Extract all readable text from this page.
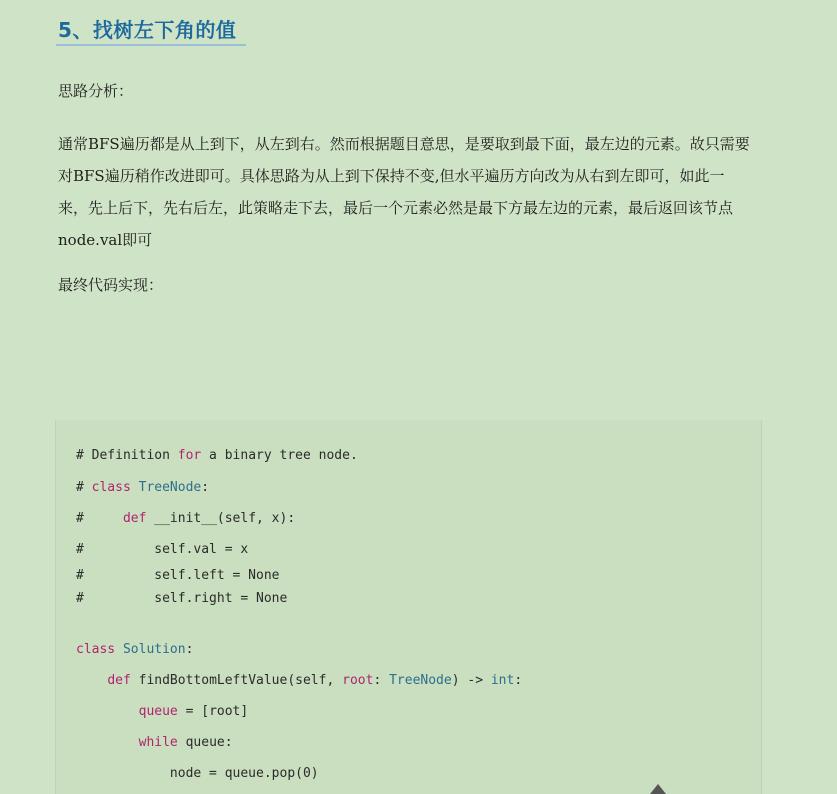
5、找树左下角的值
思路分析：
通常BFS遍历都是从上到下，从左到右。然而根据题目意思，是要取到最下面，最左边的元素。故只需要
对BFS遍历稍作改进即可。具体思路为从上到下保持不变,但水平遍历方向改为从右到左即可，如此一
来，先上后下，先右后左，此策略走下去，最后一个元素必然是最下方最左边的元素，最后返回该节点
node.val即可
最终代码实现：
# Definition for a binary tree node.
# class TreeNode:
#     def __init__(self, x):
#         self.val = x
#         self.left = None
#         self.right = None
class Solution:
def findBottomLeftValue(self, root: TreeNode) -> int:
queue = [root]
while queue:
node = queue.pop(0)
